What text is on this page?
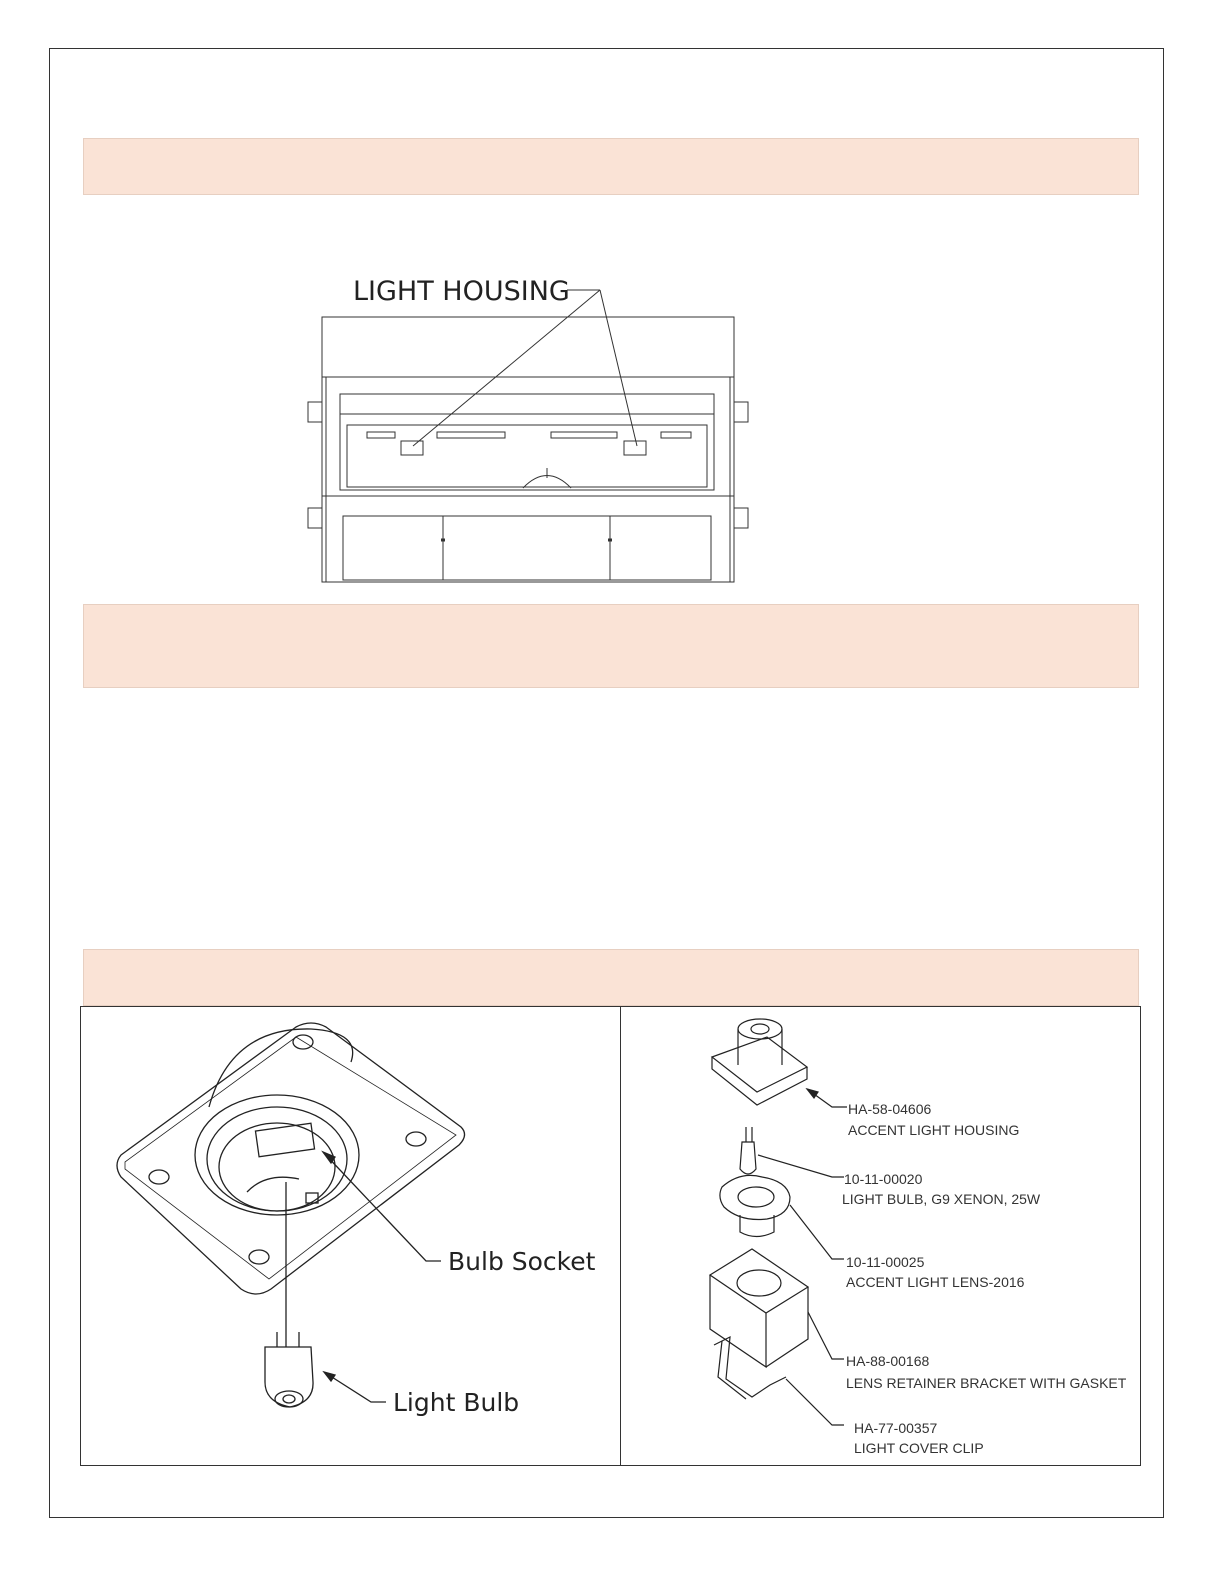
LIGHT HOUSING
Bulb Socket
Light Bulb
HA-58-04606
ACCENT LIGHT HOUSING
10-11-00020
LIGHT BULB, G9 XENON, 25W
10-11-00025
ACCENT LIGHT LENS-2016
HA-88-00168
LENS RETAINER BRACKET WITH GASKET
HA-77-00357
LIGHT COVER CLIP
